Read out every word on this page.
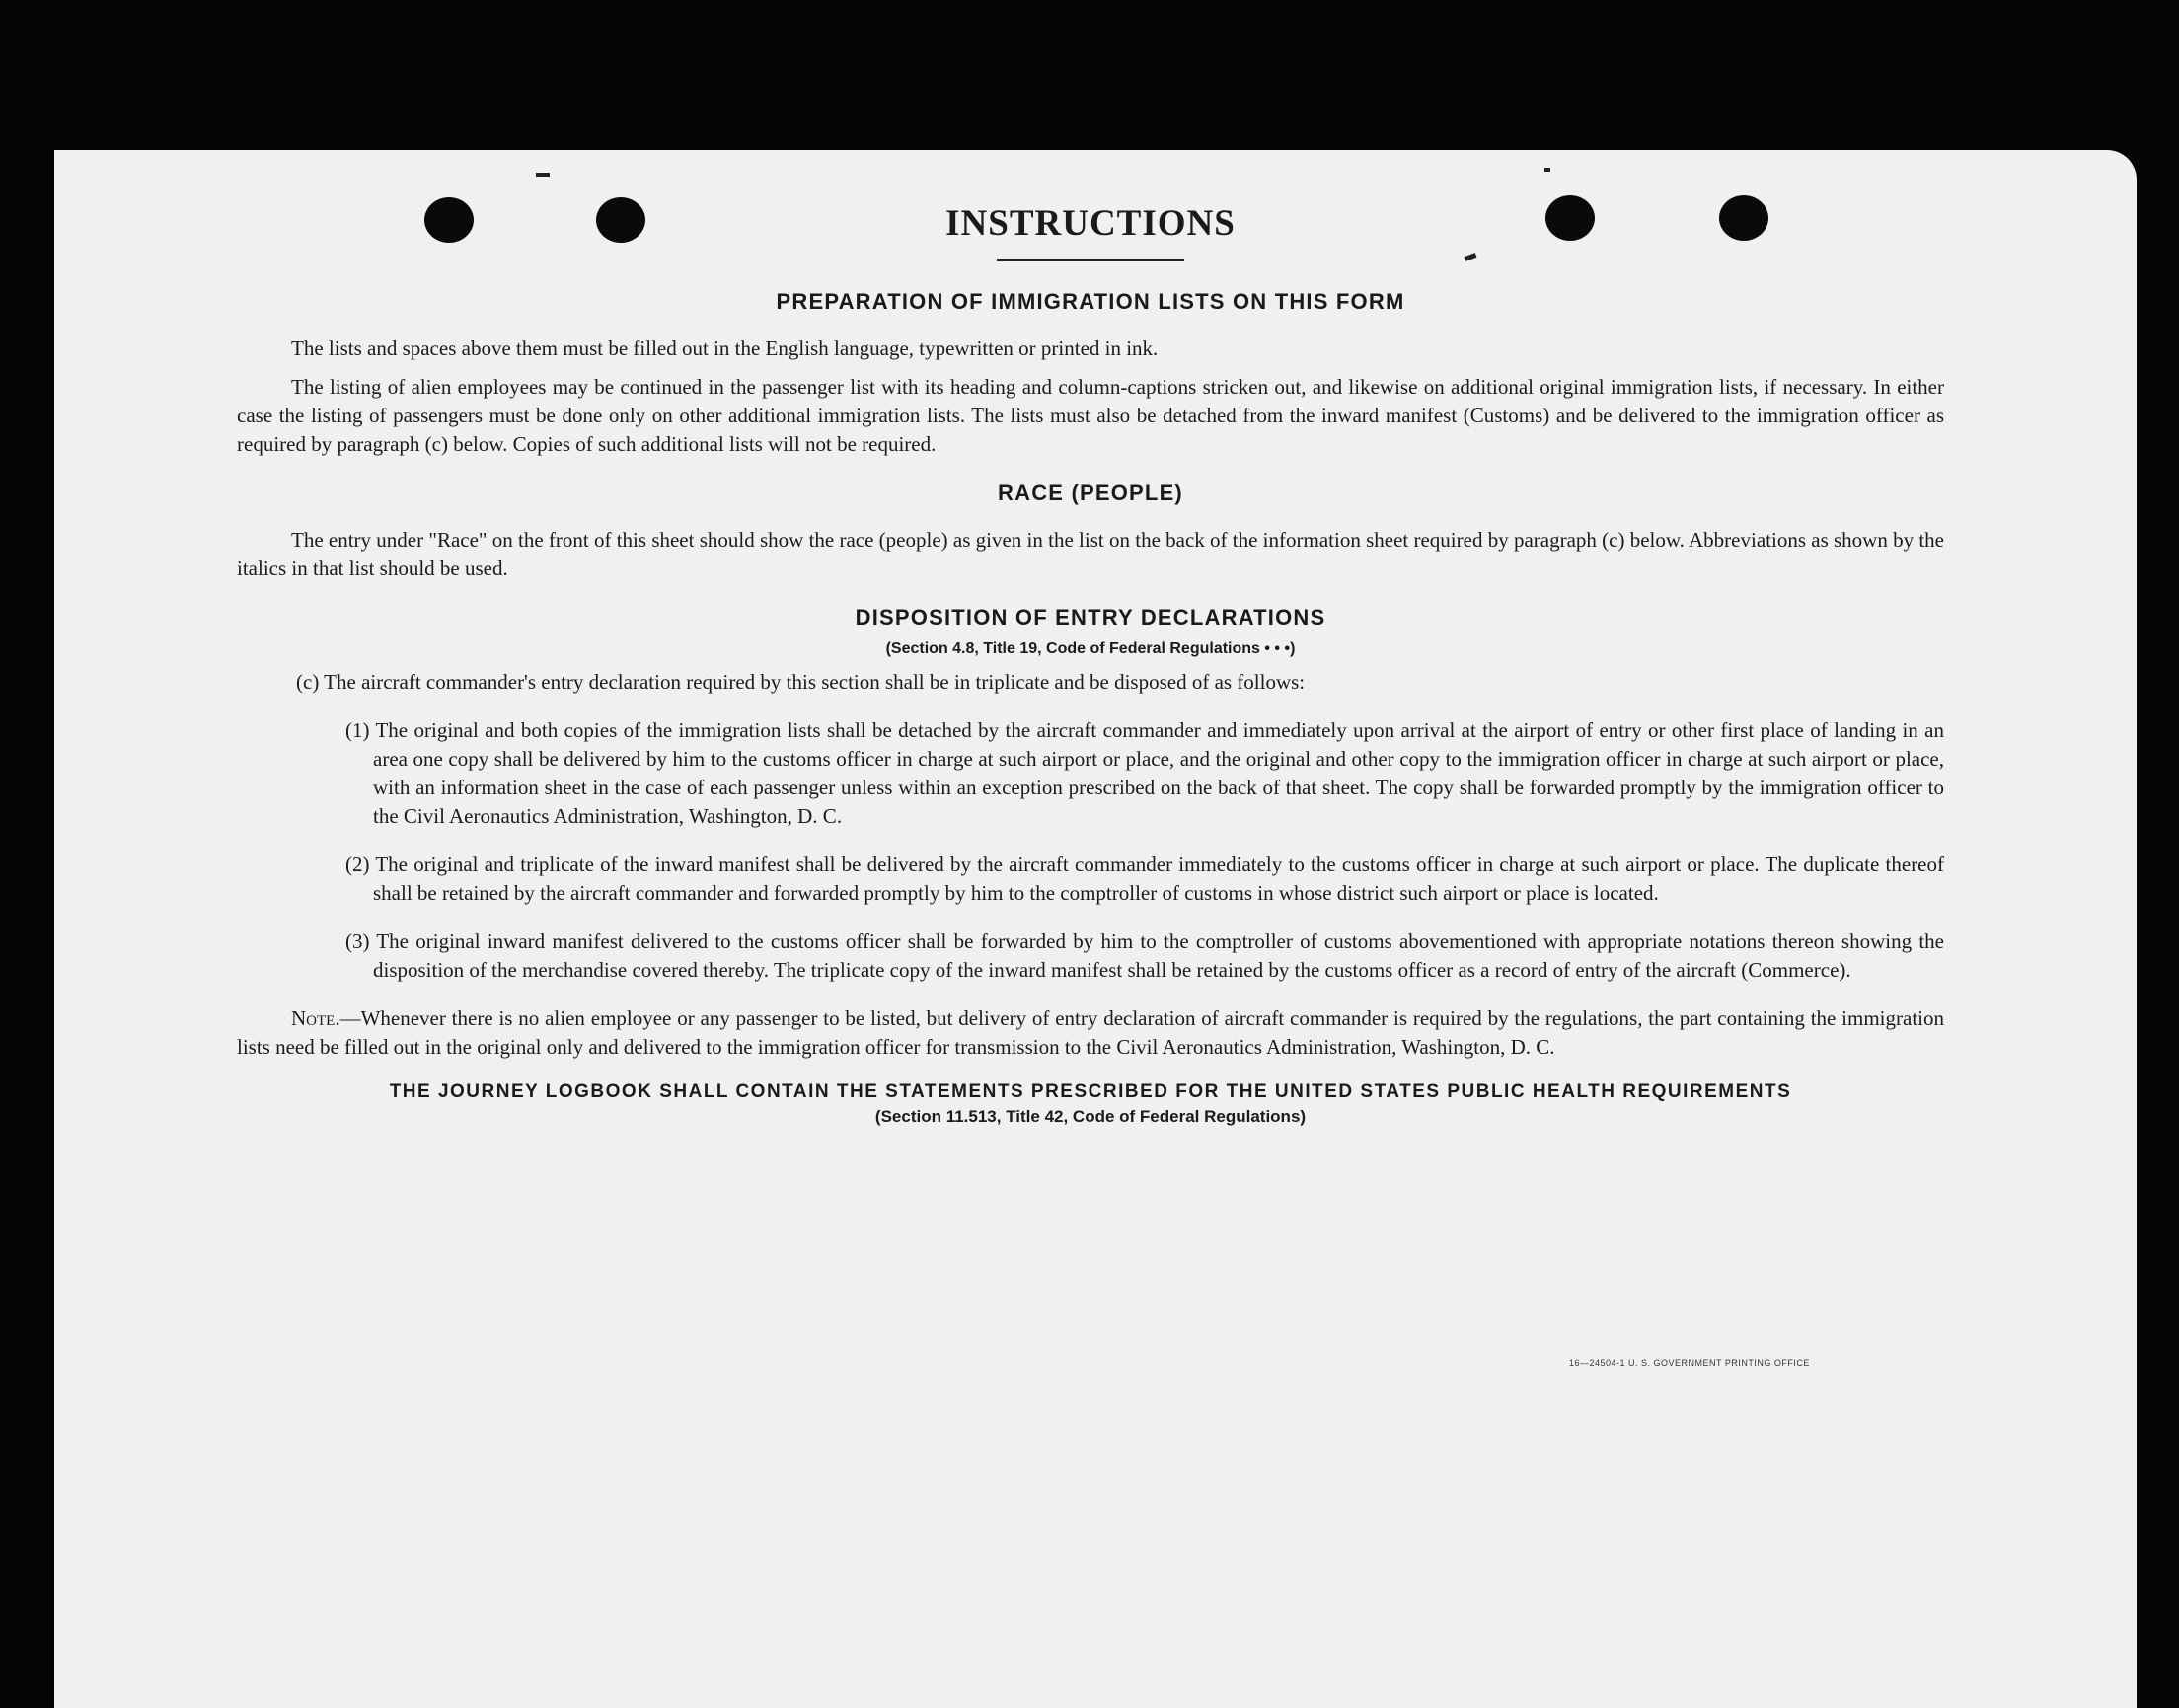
INSTRUCTIONS
PREPARATION OF IMMIGRATION LISTS ON THIS FORM

The lists and spaces above them must be filled out in the English language, typewritten or printed in ink.

The listing of alien employees may be continued in the passenger list with its heading and column-captions stricken out, and likewise on additional original immigration lists, if necessary. In either case the listing of passengers must be done only on other additional immigration lists. The lists must also be detached from the inward manifest (Customs) and be delivered to the immigration officer as required by paragraph (c) below. Copies of such additional lists will not be required.

RACE (PEOPLE)

The entry under "Race" on the front of this sheet should show the race (people) as given in the list on the back of the information sheet required by paragraph (c) below. Abbreviations as shown by the italics in that list should be used.

DISPOSITION OF ENTRY DECLARATIONS
(Section 4.8, Title 19, Code of Federal Regulations • • •)

(c) The aircraft commander's entry declaration required by this section shall be in triplicate and be disposed of as follows:

(1) The original and both copies of the immigration lists shall be detached by the aircraft commander and immediately upon arrival at the airport of entry or other first place of landing in an area one copy shall be delivered by him to the customs officer in charge at such airport or place, and the original and other copy to the immigration officer in charge at such airport or place, with an information sheet in the case of each passenger unless within an exception prescribed on the back of that sheet. The copy shall be forwarded promptly by the immigration officer to the Civil Aeronautics Administration, Washington, D. C.

(2) The original and triplicate of the inward manifest shall be delivered by the aircraft commander immediately to the customs officer in charge at such airport or place. The duplicate thereof shall be retained by the aircraft commander and forwarded promptly by him to the comptroller of customs in whose district such airport or place is located.

(3) The original inward manifest delivered to the customs officer shall be forwarded by him to the comptroller of customs abovementioned with appropriate notations thereon showing the disposition of the merchandise covered thereby. The triplicate copy of the inward manifest shall be retained by the customs officer as a record of entry of the aircraft (Commerce).

Note.—Whenever there is no alien employee or any passenger to be listed, but delivery of entry declaration of aircraft commander is required by the regulations, the part containing the immigration lists need be filled out in the original only and delivered to the immigration officer for transmission to the Civil Aeronautics Administration, Washington, D. C.

THE JOURNEY LOGBOOK SHALL CONTAIN THE STATEMENTS PRESCRIBED FOR THE UNITED STATES PUBLIC HEALTH REQUIREMENTS
(Section 11.513, Title 42, Code of Federal Regulations)
16—24504-1 U. S. GOVERNMENT PRINTING OFFICE
